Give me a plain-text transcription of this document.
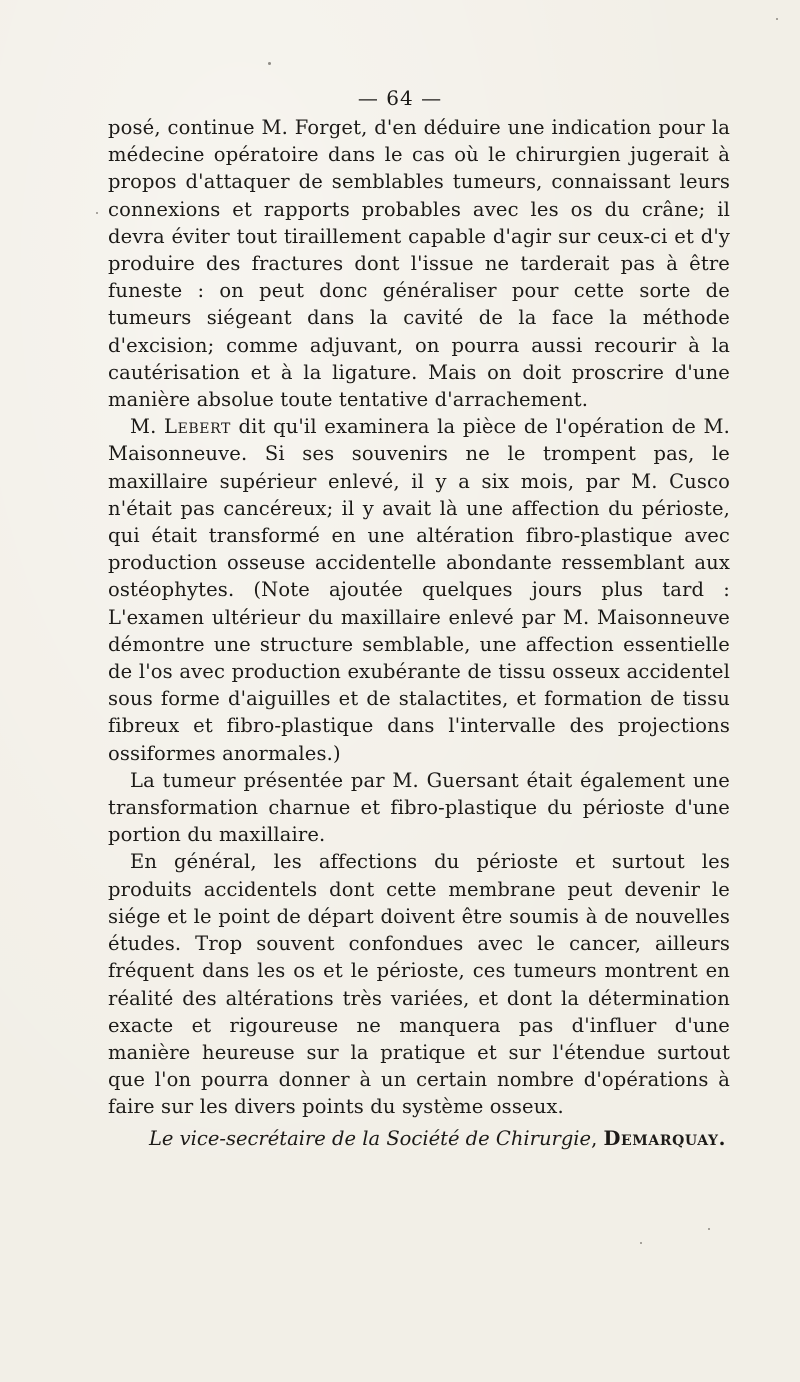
— 64 —

posé, continue M. Forget, d'en déduire une indication pour la médecine opératoire dans le cas où le chirurgien jugerait à propos d'attaquer de semblables tumeurs, connaissant leurs connexions et rapports probables avec les os du crâne; il devra éviter tout tiraillement capable d'agir sur ceux-ci et d'y produire des fractures dont l'issue ne tarderait pas à être funeste : on peut donc généraliser pour cette sorte de tumeurs siégeant dans la cavité de la face la méthode d'excision; comme adjuvant, on pourra aussi recourir à la cautérisation et à la ligature. Mais on doit proscrire d'une manière absolue toute tentative d'arrachement.

M. Lebert dit qu'il examinera la pièce de l'opération de M. Maisonneuve. Si ses souvenirs ne le trompent pas, le maxillaire supérieur enlevé, il y a six mois, par M. Cusco n'était pas cancéreux; il y avait là une affection du périoste, qui était transformé en une altération fibro-plastique avec production osseuse accidentelle abondante ressemblant aux ostéophytes. (Note ajoutée quelques jours plus tard : L'examen ultérieur du maxillaire enlevé par M. Maisonneuve démontre une structure semblable, une affection essentielle de l'os avec production exubérante de tissu osseux accidentel sous forme d'aiguilles et de stalactites, et formation de tissu fibreux et fibro-plastique dans l'intervalle des projections ossiformes anormales.)

La tumeur présentée par M. Guersant était également une transformation charnue et fibro-plastique du périoste d'une portion du maxillaire.

En général, les affections du périoste et surtout les produits accidentels dont cette membrane peut devenir le siége et le point de départ doivent être soumis à de nouvelles études. Trop souvent confondues avec le cancer, ailleurs fréquent dans les os et le périoste, ces tumeurs montrent en réalité des altérations très variées, et dont la détermination exacte et rigoureuse ne manquera pas d'influer d'une manière heureuse sur la pratique et sur l'étendue surtout que l'on pourra donner à un certain nombre d'opérations à faire sur les divers points du système osseux.

Le vice-secrétaire de la Société de Chirurgie, Demarquay.
